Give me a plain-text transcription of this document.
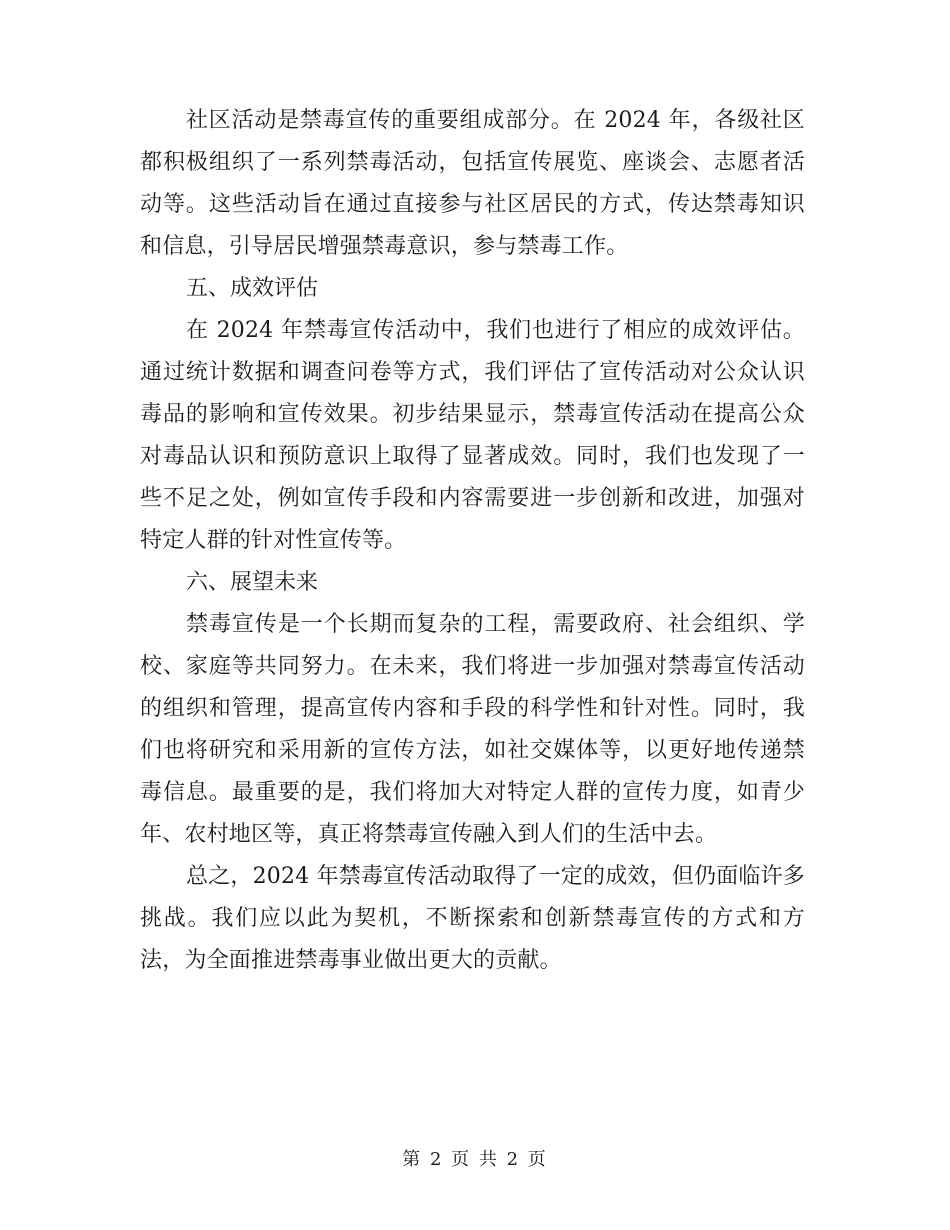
社区活动是禁毒宣传的重要组成部分。在 2024 年，各级社区都积极组织了一系列禁毒活动，包括宣传展览、座谈会、志愿者活动等。这些活动旨在通过直接参与社区居民的方式，传达禁毒知识和信息，引导居民增强禁毒意识，参与禁毒工作。

五、成效评估

在 2024 年禁毒宣传活动中，我们也进行了相应的成效评估。通过统计数据和调查问卷等方式，我们评估了宣传活动对公众认识毒品的影响和宣传效果。初步结果显示，禁毒宣传活动在提高公众对毒品认识和预防意识上取得了显著成效。同时，我们也发现了一些不足之处，例如宣传手段和内容需要进一步创新和改进，加强对特定人群的针对性宣传等。

六、展望未来

禁毒宣传是一个长期而复杂的工程，需要政府、社会组织、学校、家庭等共同努力。在未来，我们将进一步加强对禁毒宣传活动的组织和管理，提高宣传内容和手段的科学性和针对性。同时，我们也将研究和采用新的宣传方法，如社交媒体等，以更好地传递禁毒信息。最重要的是，我们将加大对特定人群的宣传力度，如青少年、农村地区等，真正将禁毒宣传融入到人们的生活中去。

总之，2024 年禁毒宣传活动取得了一定的成效，但仍面临许多挑战。我们应以此为契机，不断探索和创新禁毒宣传的方式和方法，为全面推进禁毒事业做出更大的贡献。

第 2 页 共 2 页
